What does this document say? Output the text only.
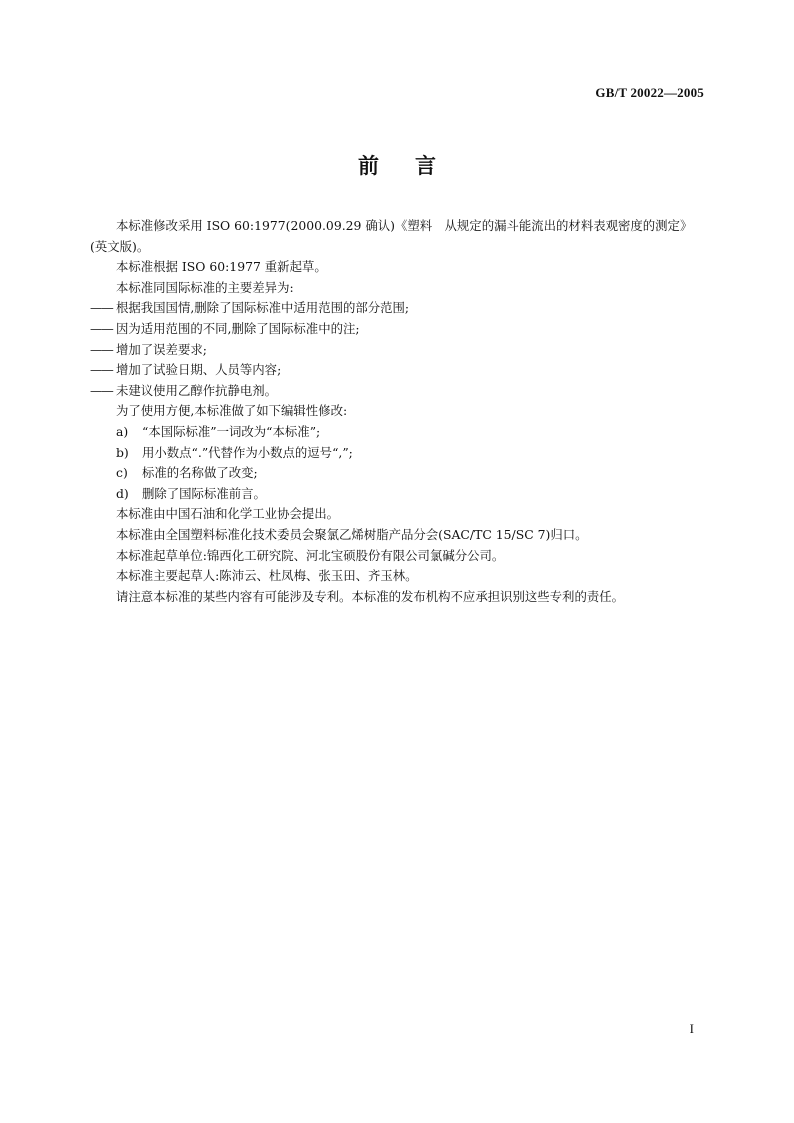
GB/T 20022—2005
前言

本标准修改采用 ISO 60:1977(2000.09.29 确认)《塑料　从规定的漏斗能流出的材料表观密度的测定》(英文版)。

本标准根据 ISO 60:1977 重新起草。

本标准同国际标准的主要差异为:

—— 根据我国国情,删除了国际标准中适用范围的部分范围;

—— 因为适用范围的不同,删除了国际标准中的注;

—— 增加了误差要求;

—— 增加了试验日期、人员等内容;

—— 未建议使用乙醇作抗静电剂。

为了使用方便,本标准做了如下编辑性修改:

a) “本国际标准”一词改为“本标准”;

b) 用小数点“.”代替作为小数点的逗号“,”;

c) 标准的名称做了改变;

d) 删除了国际标准前言。

本标准由中国石油和化学工业协会提出。

本标准由全国塑料标准化技术委员会聚氯乙烯树脂产品分会(SAC/TC 15/SC 7)归口。

本标准起草单位:锦西化工研究院、河北宝硕股份有限公司氯碱分公司。

本标准主要起草人:陈沛云、杜凤梅、张玉田、齐玉林。

请注意本标准的某些内容有可能涉及专利。本标准的发布机构不应承担识别这些专利的责任。

I
